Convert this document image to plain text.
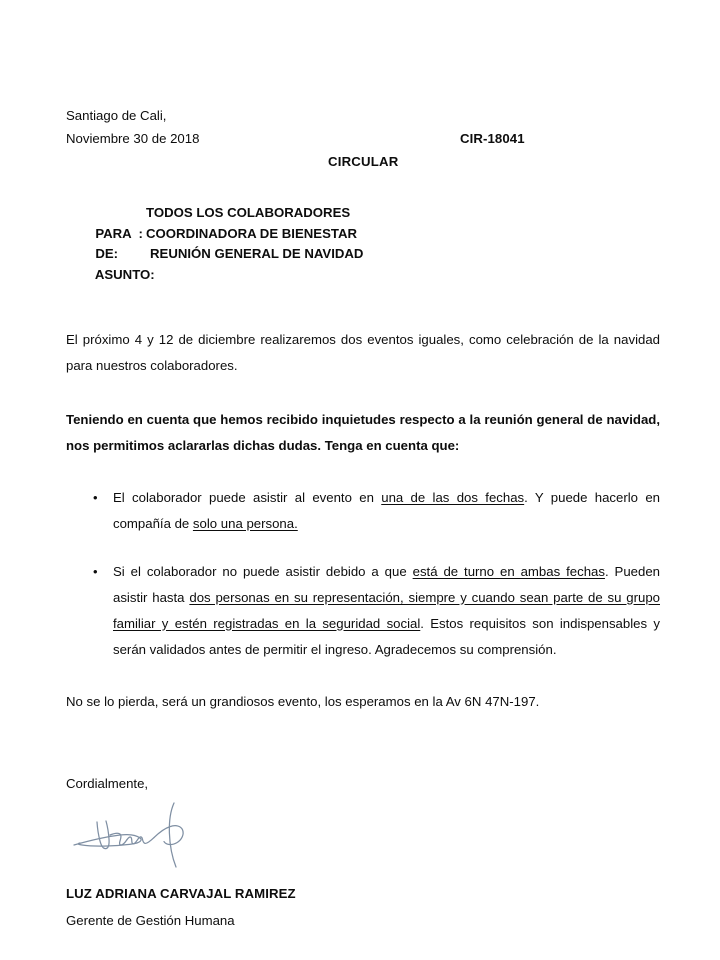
Santiago de Cali,
Noviembre 30 de 2018	CIR-18041
CIRCULAR

PARA  :

TODOS LOS COLABORADORES

DE:

COORDINADORA DE BIENESTAR

ASUNTO:

REUNIÓN GENERAL DE NAVIDAD

El próximo 4 y 12 de diciembre realizaremos dos eventos iguales, como celebración de la navidad para nuestros colaboradores.

Teniendo en cuenta que hemos recibido inquietudes respecto a la reunión general de navidad, nos permitimos aclararlas dichas dudas. Tenga en cuenta que:

• El colaborador puede asistir al evento en una de las dos fechas. Y puede hacerlo en compañía de solo una persona.
• Si el colaborador no puede asistir debido a que está de turno en ambas fechas. Pueden asistir hasta dos personas en su representación, siempre y cuando sean parte de su grupo familiar y estén registradas en la seguridad social. Estos requisitos son indispensables y serán validados antes de permitir el ingreso. Agradecemos su comprensión.

No se lo pierda, será un grandiosos evento, los esperamos en la Av 6N 47N-197.

Cordialmente,
LUZ ADRIANA CARVAJAL RAMIREZ
Gerente de Gestión Humana
